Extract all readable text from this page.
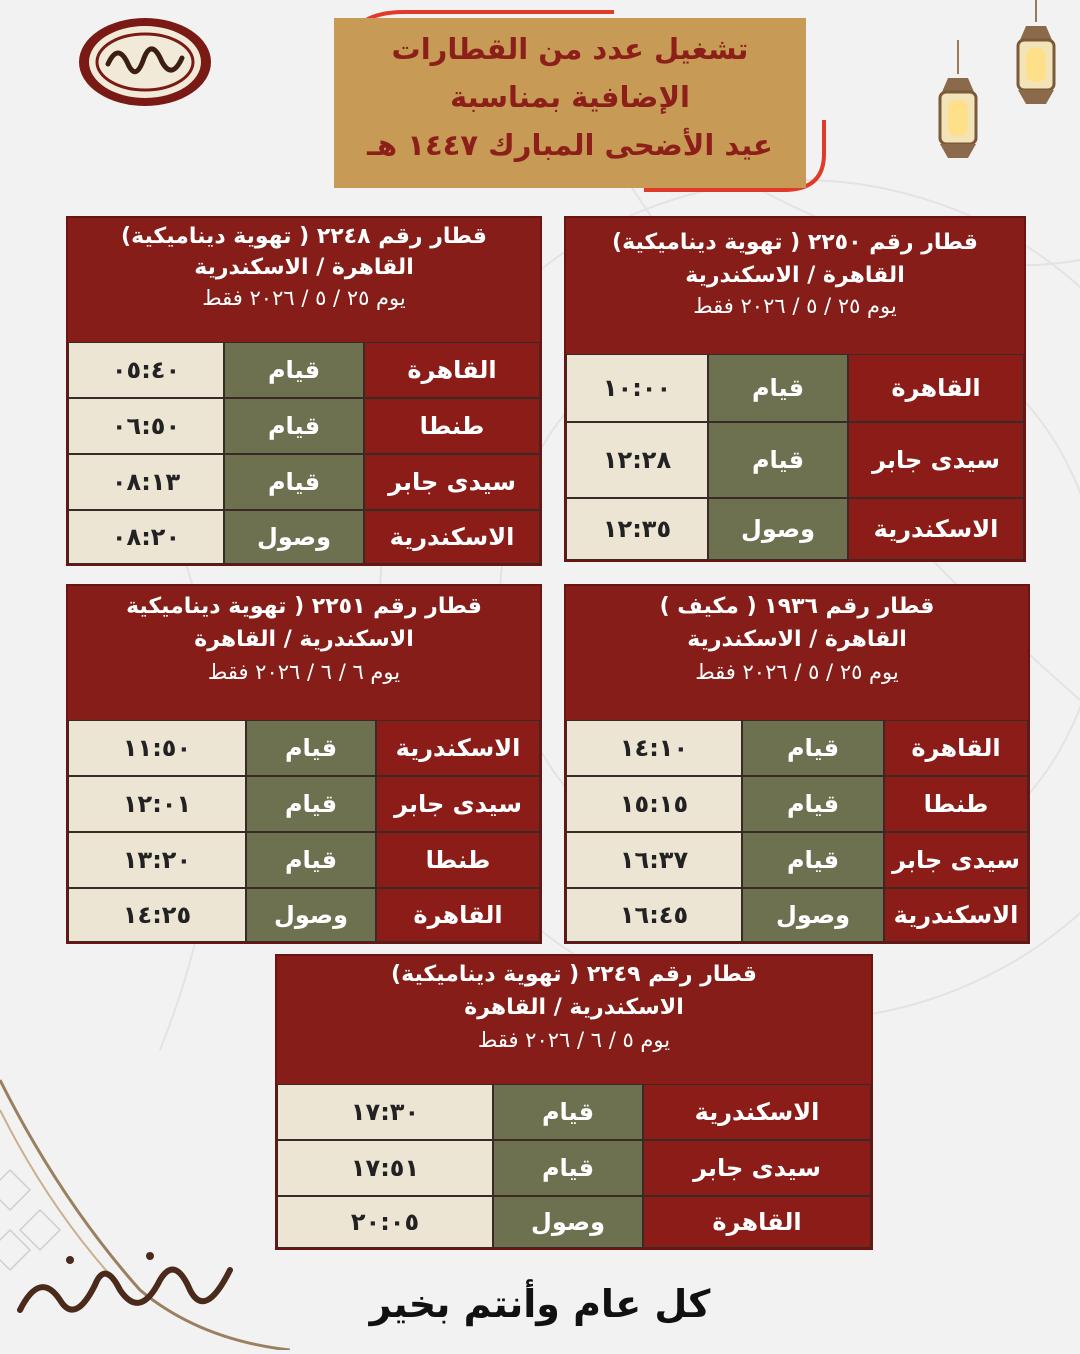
تشغيل عدد من القطارات
الإضافية بمناسبة
عيد الأضحى المبارك ١٤٤٧ هـ
قطار رقم ٢٢٥٠ ( تهوية ديناميكية)
القاهرة / الاسكندرية
يوم ٢٥ / ٥ / ٢٠٢٦ فقط
القاهرة
قيام
١٠:٠٠
سيدى جابر
قيام
١٢:٢٨
الاسكندرية
وصول
١٢:٣٥
قطار رقم ٢٢٤٨ ( تهوية ديناميكية)
القاهرة / الاسكندرية
يوم ٢٥ / ٥ / ٢٠٢٦ فقط
القاهرة
قيام
٠٥:٤٠
طنطا
قيام
٠٦:٥٠
سيدى جابر
قيام
٠٨:١٣
الاسكندرية
وصول
٠٨:٢٠
قطار رقم ١٩٣٦ ( مكيف )
القاهرة / الاسكندرية
يوم ٢٥ / ٥ / ٢٠٢٦ فقط
القاهرة
قيام
١٤:١٠
طنطا
قيام
١٥:١٥
سيدى جابر
قيام
١٦:٣٧
الاسكندرية
وصول
١٦:٤٥
قطار رقم ٢٢٥١ ( تهوية ديناميكية
الاسكندرية / القاهرة
يوم ٦ / ٦ / ٢٠٢٦ فقط
الاسكندرية
قيام
١١:٥٠
سيدى جابر
قيام
١٢:٠١
طنطا
قيام
١٣:٢٠
القاهرة
وصول
١٤:٢٥
قطار رقم ٢٢٤٩ ( تهوية ديناميكية)
الاسكندرية / القاهرة
يوم ٥ / ٦ / ٢٠٢٦ فقط
الاسكندرية
قيام
١٧:٣٠
سيدى جابر
قيام
١٧:٥١
القاهرة
وصول
٢٠:٠٥
كل عام وأنتم بخير
